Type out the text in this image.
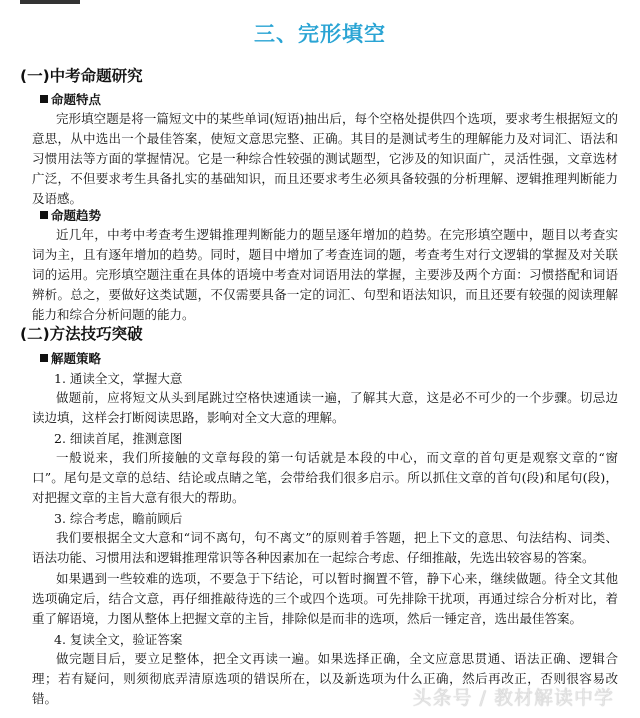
三、完形填空
(一)中考命题研究
命题特点

完形填空题是将一篇短文中的某些单词(短语)抽出后，每个空格处提供四个选项，要求考生根据短文的意思，从中选出一个最佳答案，使短文意思完整、正确。其目的是测试考生的理解能力及对词汇、语法和习惯用法等方面的掌握情况。它是一种综合性较强的测试题型，它涉及的知识面广，灵活性强，文章选材广泛，不但要求考生具备扎实的基础知识，而且还要求考生必须具备较强的分析理解、逻辑推理判断能力及语感。

命题趋势

近几年，中考中考查考生逻辑推理判断能力的题呈逐年增加的趋势。在完形填空题中，题目以考查实词为主，且有逐年增加的趋势。同时，题目中增加了考查连词的题，考查考生对行文逻辑的掌握及对关联词的运用。完形填空题注重在具体的语境中考查对词语用法的掌握，主要涉及两个方面：习惯搭配和词语辨析。总之，要做好这类试题，不仅需要具备一定的词汇、句型和语法知识，而且还要有较强的阅读理解能力和综合分析问题的能力。

(二)方法技巧突破
解题策略
1. 通读全文，掌握大意

做题前，应将短文从头到尾跳过空格快速通读一遍，了解其大意，这是必不可少的一个步骤。切忌边读边填，这样会打断阅读思路，影响对全文大意的理解。

2. 细读首尾，推测意图

一般说来，我们所接触的文章每段的第一句话就是本段的中心，而文章的首句更是观察文章的“窗口”。尾句是文章的总结、结论或点睛之笔，会带给我们很多启示。所以抓住文章的首句(段)和尾句(段)，对把握文章的主旨大意有很大的帮助。

3. 综合考虑，瞻前顾后

我们要根据全文大意和“词不离句，句不离文”的原则着手答题，把上下文的意思、句法结构、词类、语法功能、习惯用法和逻辑推理常识等各种因素加在一起综合考虑、仔细推敲，先选出较容易的答案。

如果遇到一些较难的选项，不要急于下结论，可以暂时搁置不管，静下心来，继续做题。待全文其他选项确定后，结合文意，再仔细推敲待选的三个或四个选项。可先排除干扰项，再通过综合分析对比，着重了解语境，力图从整体上把握文章的主旨，排除似是而非的选项，然后一锤定音，选出最佳答案。

4. 复读全文，验证答案

做完题目后，要立足整体，把全文再读一遍。如果选择正确，全文应意思贯通、语法正确、逻辑合理；若有疑问，则须彻底弄清原选项的错误所在，以及新选项为什么正确，然后再改正，否则很容易改错。	头条号 / 教材解读中学
